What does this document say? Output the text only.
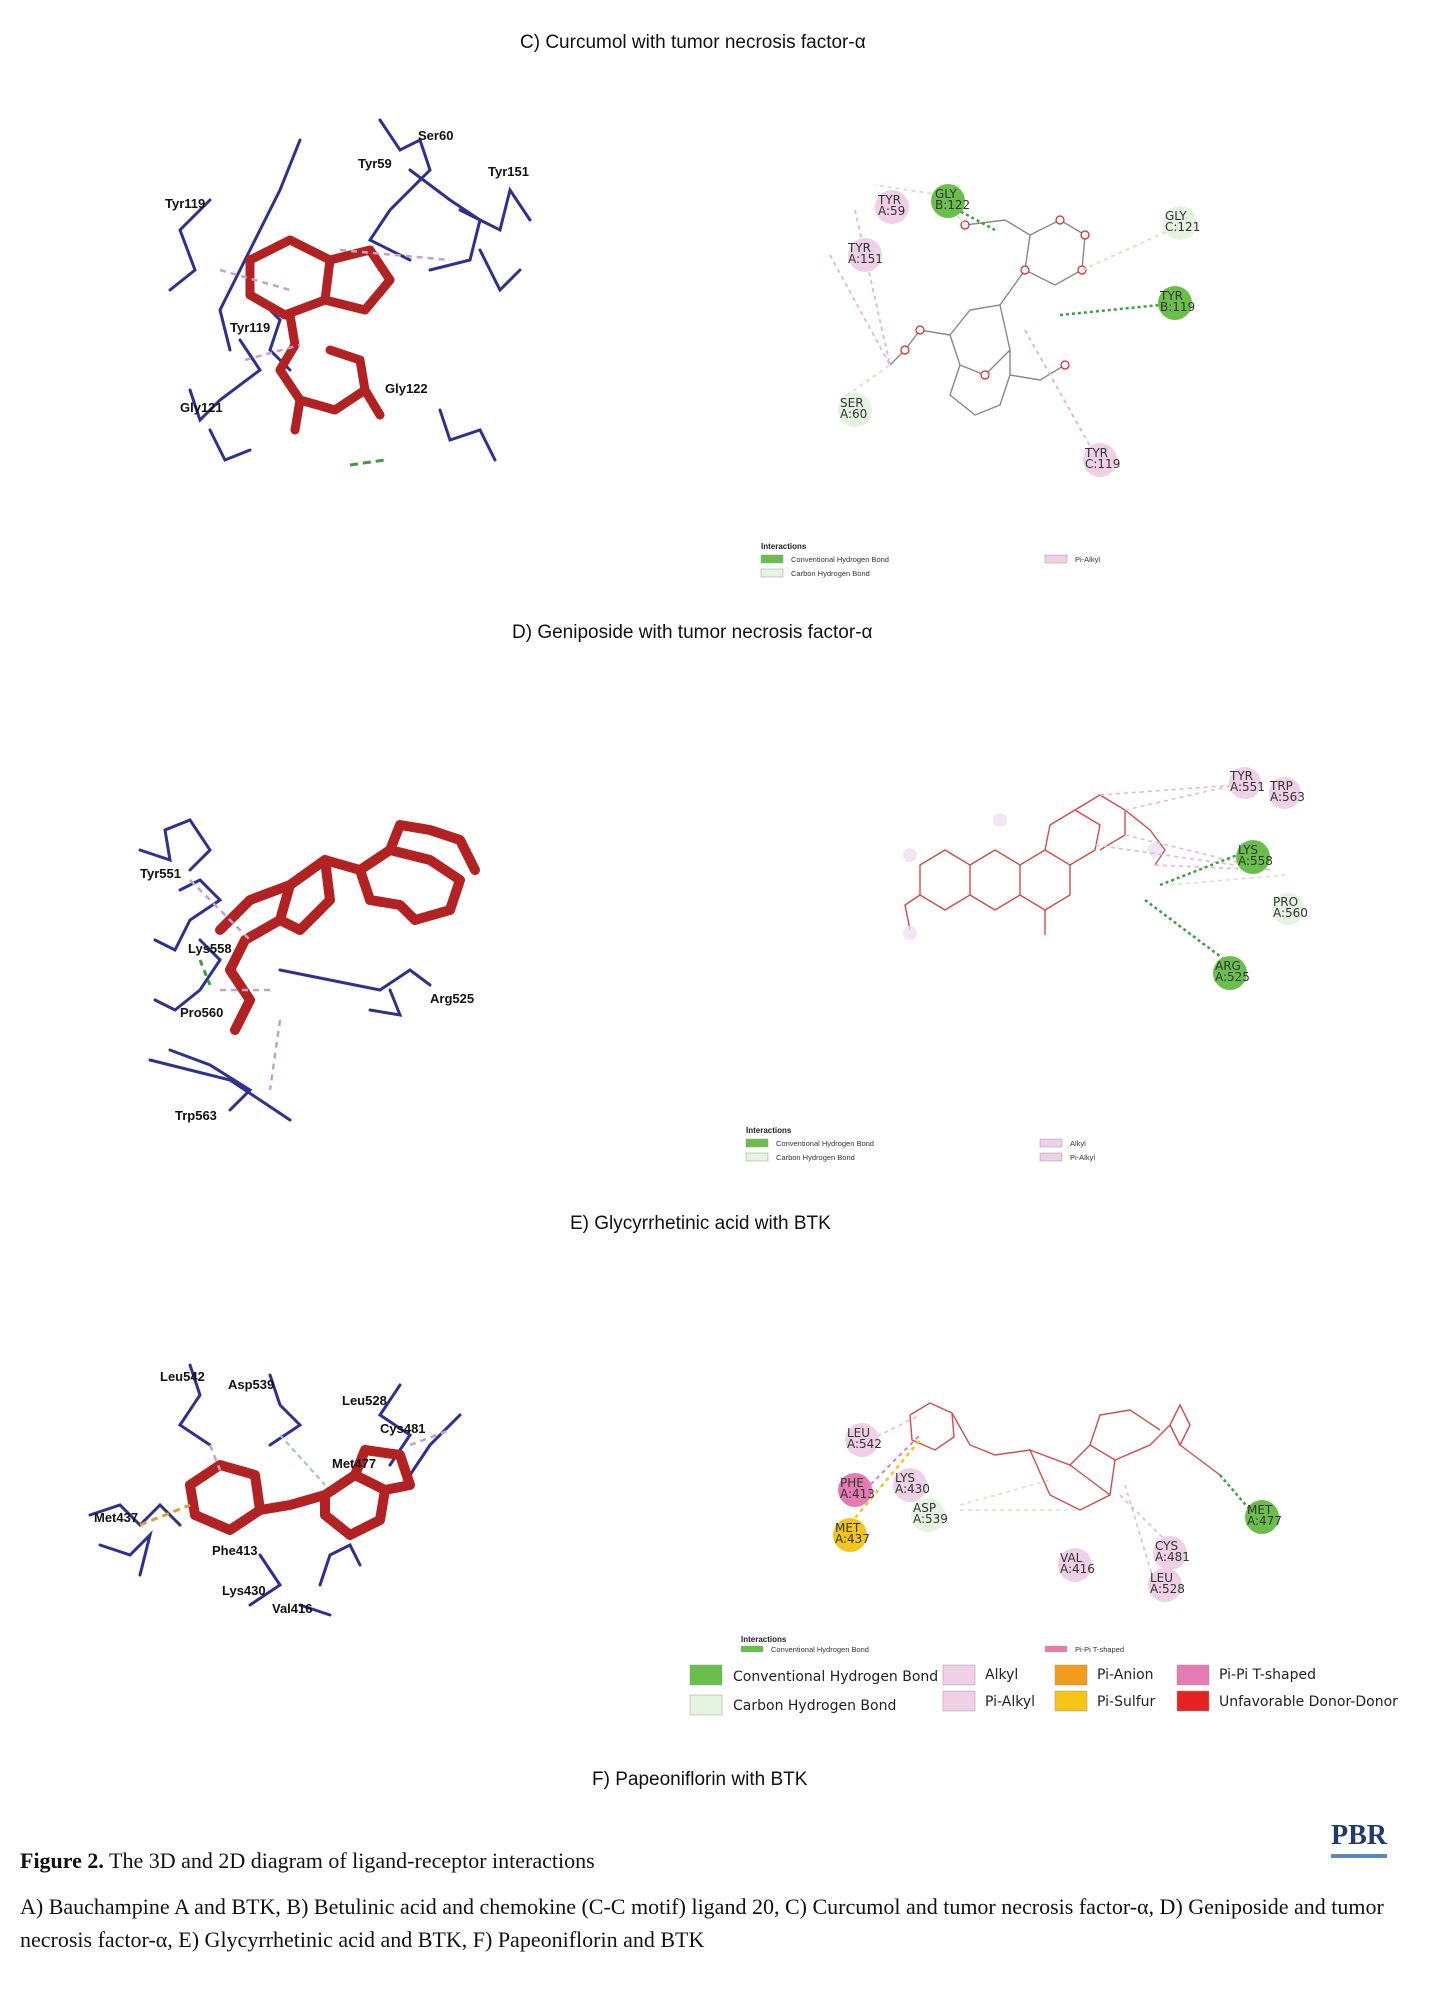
C) Curcumol with tumor necrosis factor-α
D) Geniposide with tumor necrosis factor-α
E) Glycyrrhetinic acid with BTK
F) Papeoniflorin with BTK
Ser60
Tyr59
Tyr151
Tyr119
Tyr119
Gly121
Gly122
GLY B:122
TYR A:59
TYR A:151
SER A:60
GLY C:121
TYR B:119
TYR C:119
Interactions
Conventional Hydrogen Bond
Carbon Hydrogen Bond
Pi-Alkyl
Tyr551
Lys558
Pro560
Arg525
Trp563
TYR A:551 TRP A:563
LYS A:558
PRO A:560
ARG A:525
Interactions
Conventional Hydrogen Bond
Carbon Hydrogen Bond
Alkyl
Pi-Alkyl
Leu542
Asp539
Leu528
Cys481
Met477
Met437
Phe413
Lys430
Val416
LEU A:542
PHE A:413
LYS A:430
MET A:437
ASP A:539
VAL A:416
CYS A:481
LEU A:528
MET A:477
Interactions
Conventional Hydrogen Bond	Pi-Pi T-shaped
Conventional Hydrogen Bond
Carbon Hydrogen Bond
Alkyl
Pi-Alkyl
Pi-Anion
Pi-Sulfur
Pi-Pi T-shaped
Unfavorable Donor-Donor
PBR
Figure 2. The 3D and 2D diagram of ligand-receptor interactions
A) Bauchampine A and BTK, B) Betulinic acid and chemokine (C-C motif) ligand 20, C) Curcumol and tumor necrosis factor-α, D) Geniposide and tumor necrosis factor-α, E) Glycyrrhetinic acid and BTK, F) Papeoniflorin and BTK
